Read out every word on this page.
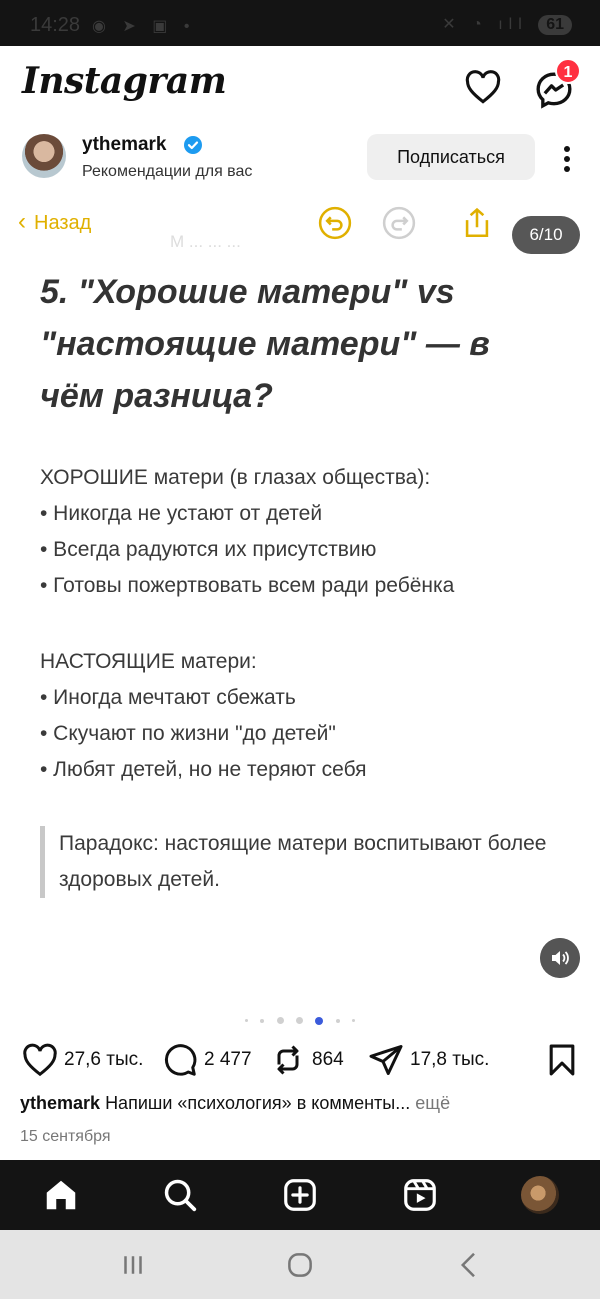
14:28 ◉ ➤ ▣ •	✕ ◔ ıll 61
Instagram	1
ythemark
Рекомендации для вас
Подписаться
‹ Назад
M ... ... ...	6/10
5. "Хорошие матери" vs "настоящие матери" — в чём разница?
ХОРОШИЕ матери (в глазах общества):
• Никогда не устают от детей
• Всегда радуются их присутствию
• Готовы пожертвовать всем ради ребёнка
НАСТОЯЩИЕ матери:
• Иногда мечтают сбежать
• Скучают по жизни "до детей"
• Любят детей, но не теряют себя
Парадокс: настоящие матери воспитывают более здоровых детей.

27,6 тыс.	2 477	864	17,8 тыс.
ythemark Напиши «психология» в комменты... ещё
15 сентября
